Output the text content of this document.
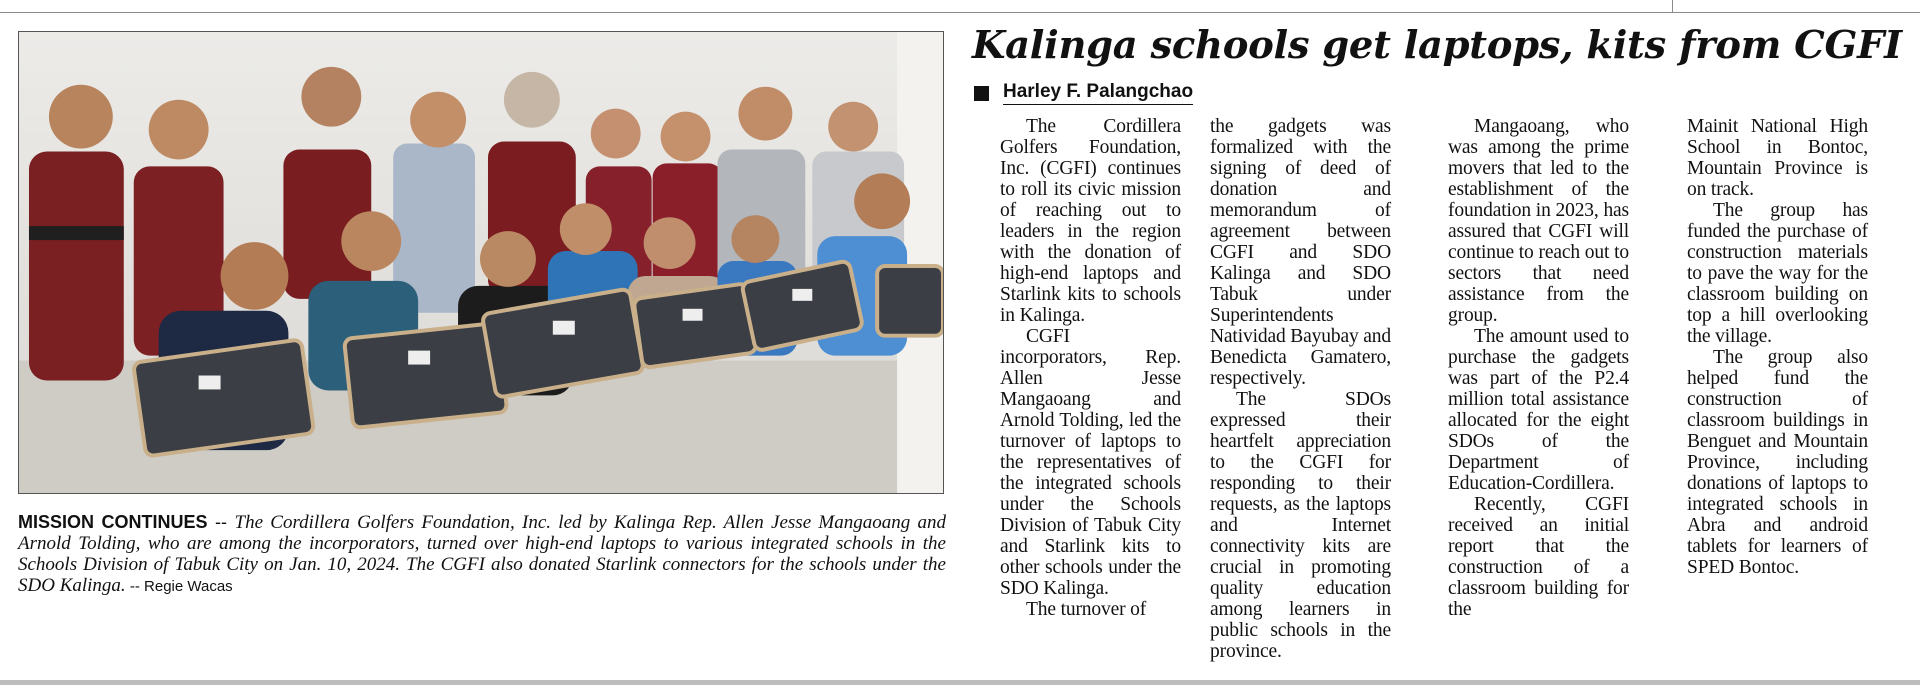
MISSION CONTINUES -- The Cordillera Golfers Foundation, Inc. led by Kalinga Rep. Allen Jesse Mangaoang and Arnold Tolding, who are among the incorporators, turned over high-end laptops to various integrated schools in the Schools Division of Tabuk City on Jan. 10, 2024. The CGFI also donated Starlink connectors for the schools under the SDO Kalinga. -- Regie Wacas
Kalinga schools get laptops, kits from CGFI
Harley F. Palangchao

The Cordillera Golfers Foundation, Inc. (CGFI) continues to roll its civic mission of reaching out to leaders in the region with the donation of high-end laptops and Starlink kits to schools in Kalinga.

CGFI incorporators, Rep. Allen Jesse Mangaoang and Arnold Tolding, led the turnover of laptops to the representatives of the integrated schools under the Schools Division of Tabuk City and Starlink kits to other schools under the SDO Kalinga.

The turnover of

the gadgets was formalized with the signing of deed of donation and memorandum of agreement between CGFI and SDO Kalinga and SDO Tabuk under Superintendents Natividad Bayubay and Benedicta Gamatero, respectively.

The SDOs expressed their heartfelt appreciation to the CGFI for responding to their requests, as the laptops and Internet connectivity kits are crucial in promoting quality education among learners in public schools in the province.

Mangaoang, who was among the prime movers that led to the establishment of the foundation in 2023, has assured that CGFI will continue to reach out to sectors that need assistance from the group.

The amount used to purchase the gadgets was part of the P2.4 million total assistance allocated for the eight SDOs of the Department of Education-Cordillera.

Recently, CGFI received an initial report that the construction of a classroom building for the

Mainit National High School in Bontoc, Mountain Province is on track.

The group has funded the purchase of construction materials to pave the way for the classroom building on top a hill overlooking the village.

The group also helped fund the construction of classroom buildings in Benguet and Mountain Province, including donations of laptops to integrated schools in Abra and android tablets for learners of SPED Bontoc.
